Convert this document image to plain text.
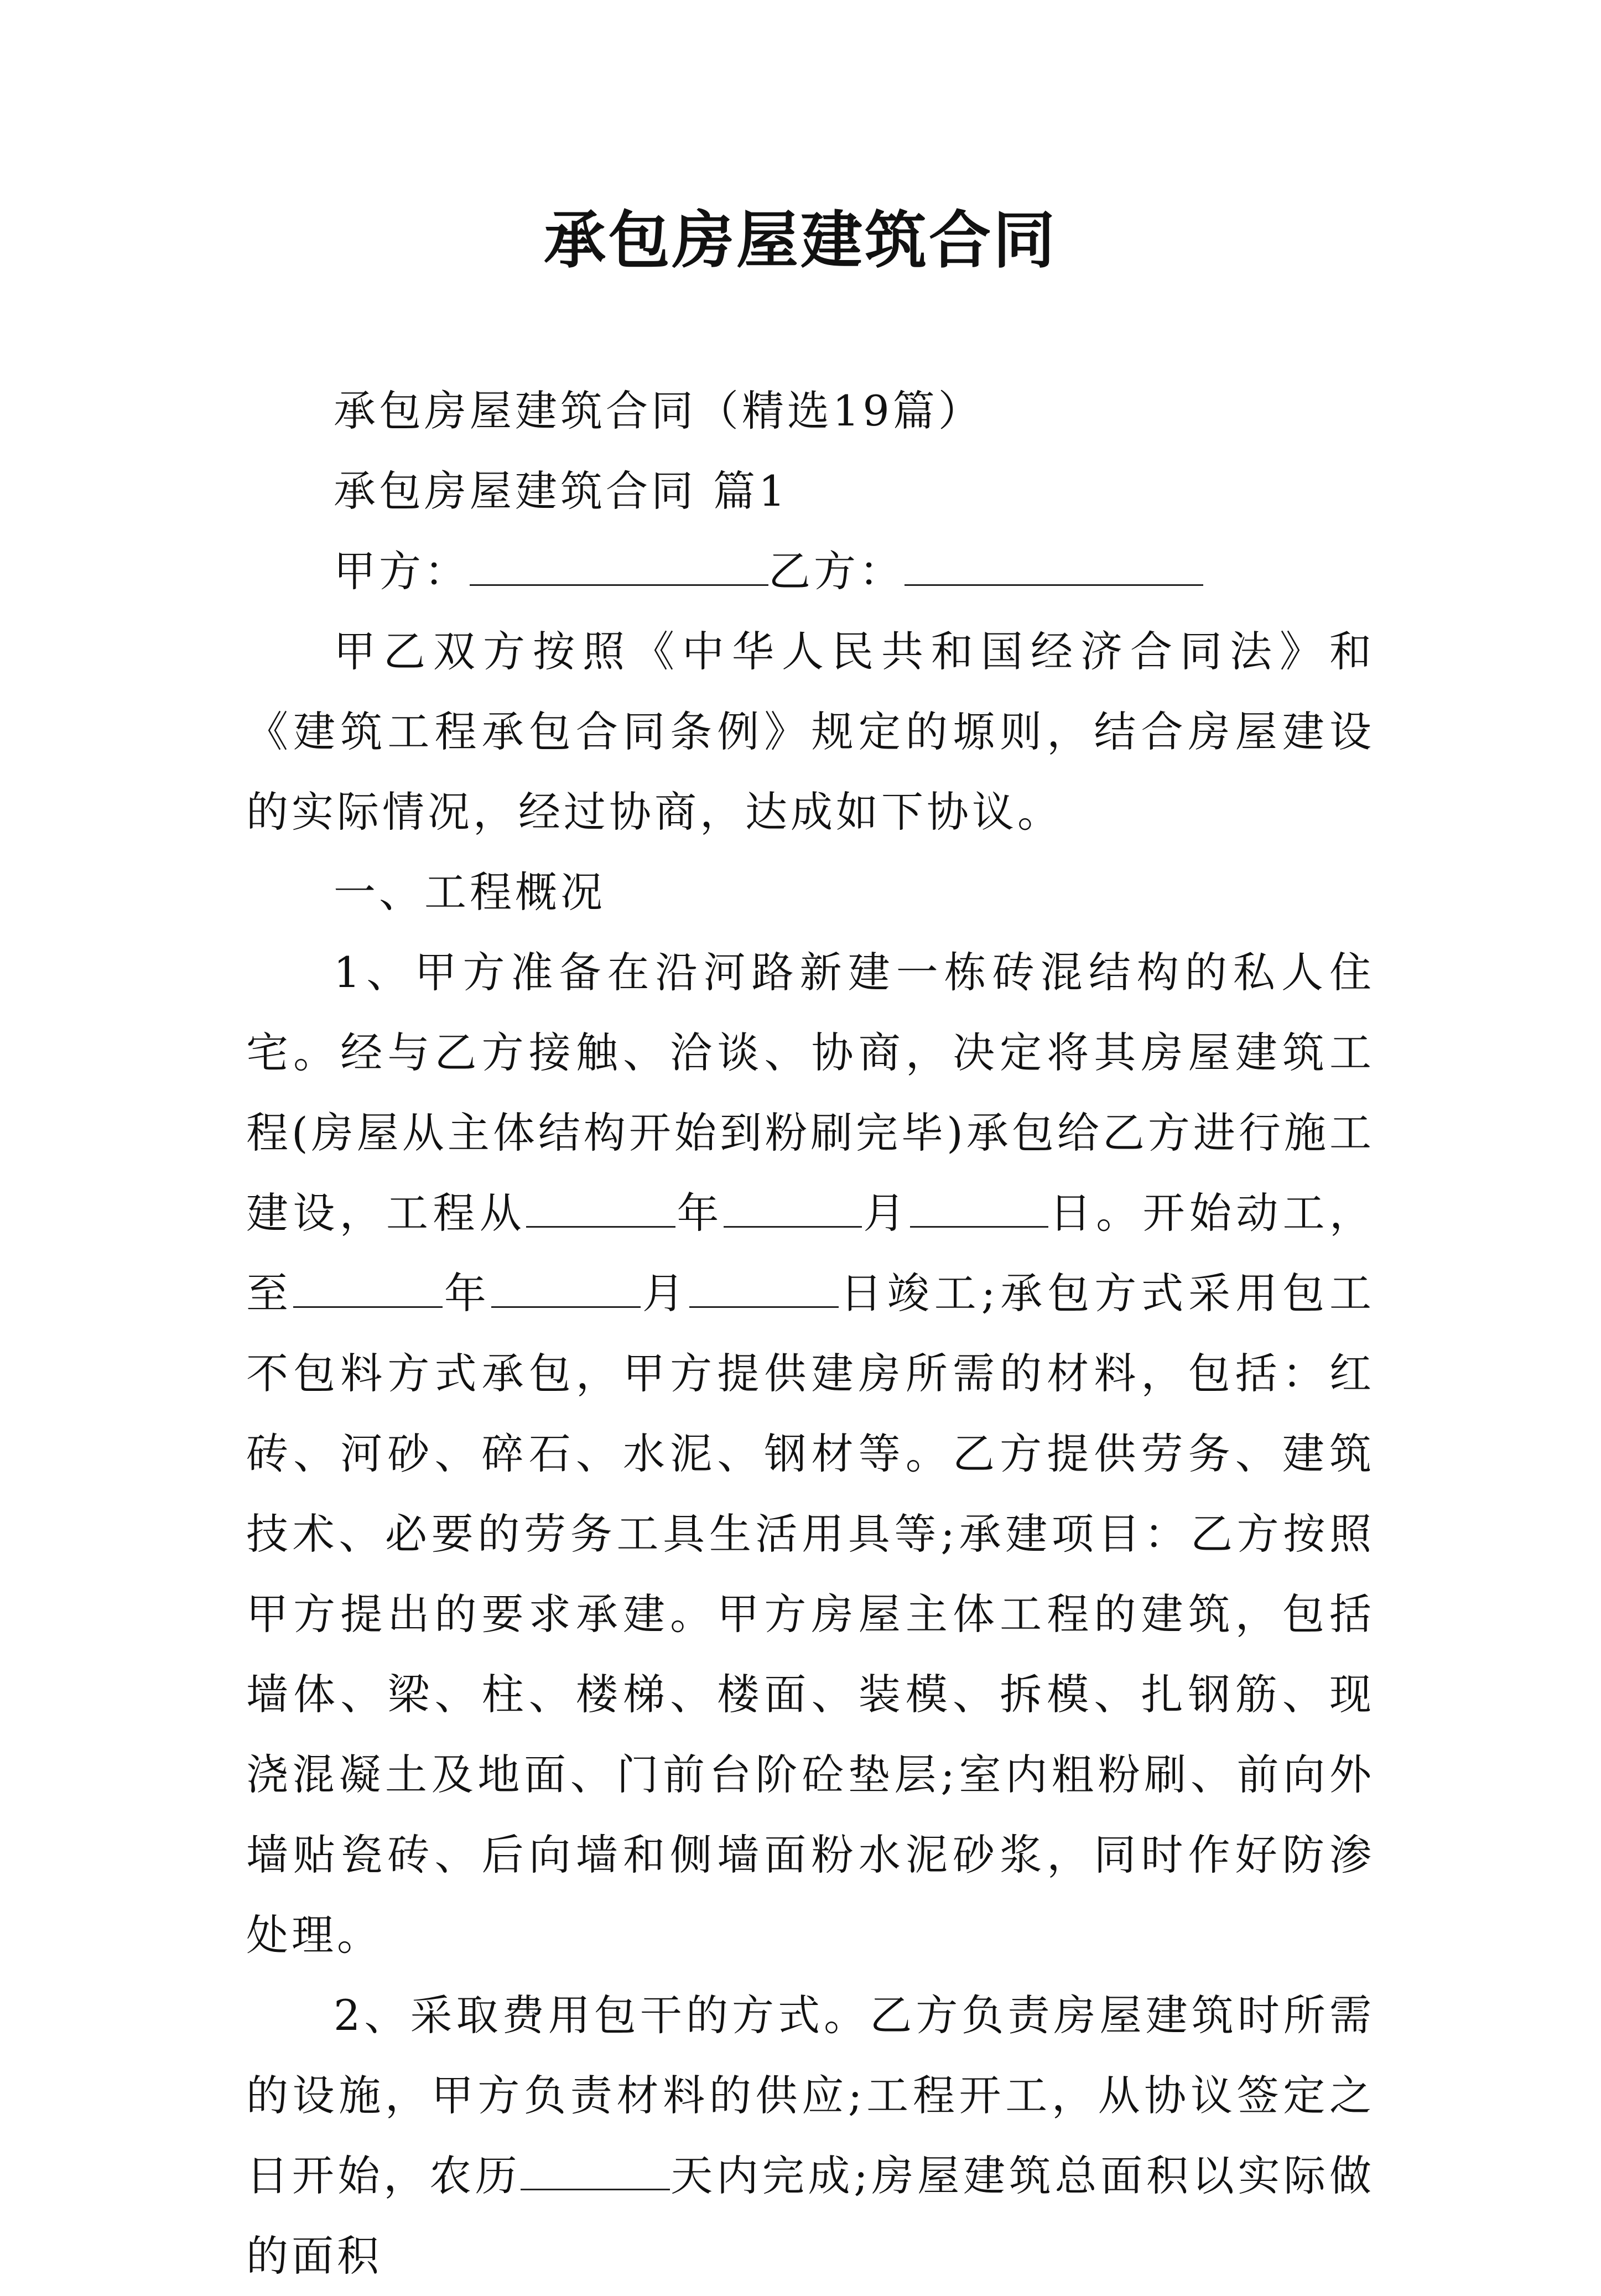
承包房屋建筑合同

承包房屋建筑合同（精选19篇）

承包房屋建筑合同 篇1

甲方：	乙方：

甲乙双方按照《中华人民共和国经济合同法》和《建筑工程承包合同条例》规定的塬则，结合房屋建设的实际情况，经过协商，达成如下协议。

一、工程概况

1、甲方准备在沿河路新建一栋砖混结构的私人住宅。经与乙方接触、洽谈、协商，决定将其房屋建筑工程(房屋从主体结构开始到粉刷完毕)承包给乙方进行施工建设，工程从	年	月	日。开始动工，至	年	月	日竣工;承包方式采用包工不包料方式承包，甲方提供建房所需的材料，包括：红砖、河砂、碎石、水泥、钢材等。乙方提供劳务、建筑技术、必要的劳务工具生活用具等;承建项目：乙方按照甲方提出的要求承建。甲方房屋主体工程的建筑，包括墙体、梁、柱、楼梯、楼面、装模、拆模、扎钢筋、现浇混凝土及地面、门前台阶砼垫层;室内粗粉刷、前向外墙贴瓷砖、后向墙和侧墙面粉水泥砂浆，同时作好防渗处理。

2、采取费用包干的方式。乙方负责房屋建筑时所需的设施，甲方负责材料的供应;工程开工，从协议签定之日开始，农历	天内完成;房屋建筑总面积以实际做的面积
